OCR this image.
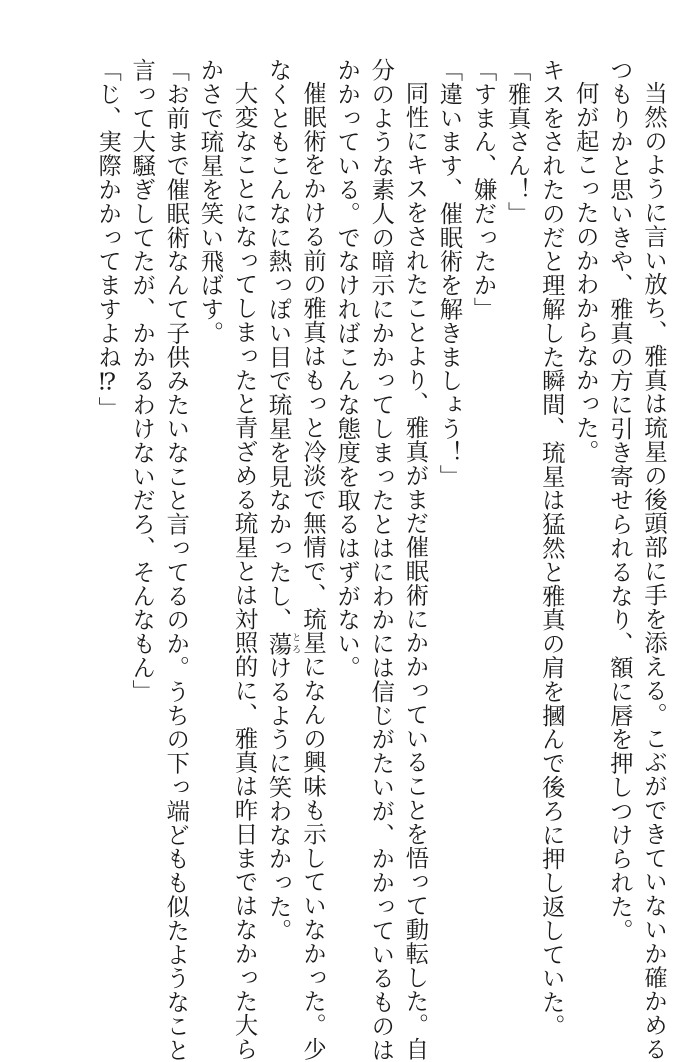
当然のように言い放ち、雅真は琉星の後頭部に手を添える。こぶができていないか確かめる
つもりかと思いきや、雅真の方に引き寄せられるなり、額に唇を押しつけられた。
何が起こったのかわからなかった。
キスをされたのだと理解した瞬間、琉星は猛然と雅真の肩を摑んで後ろに押し返していた。
「雅真さん！」
「すまん、嫌だったか」
「違います、催眠術を解きましょう！」
同性にキスをされたことより、雅真がまだ催眠術にかかっていることを悟って動転した。自
分のような素人の暗示にかかってしまったとはにわかには信じがたいが、かかっているものは
かかっている。でなければこんな態度を取るはずがない。
催眠術をかける前の雅真はもっと冷淡で無情で、琉星になんの興味も示していなかった。少
なくともこんなに熱っぽい目で琉星を見なかったし、蕩とろけるように笑わなかった。
大変なことになってしまったと青ざめる琉星とは対照的に、雅真は昨日まではなかった大ら
かさで琉星を笑い飛ばす。
「お前まで催眠術なんて子供みたいなこと言ってるのか。うちの下っ端どもも似たようなこと
言って大騒ぎしてたが、かかるわけないだろ、そんなもん」
「じ、実際かかってますよね⁉」
